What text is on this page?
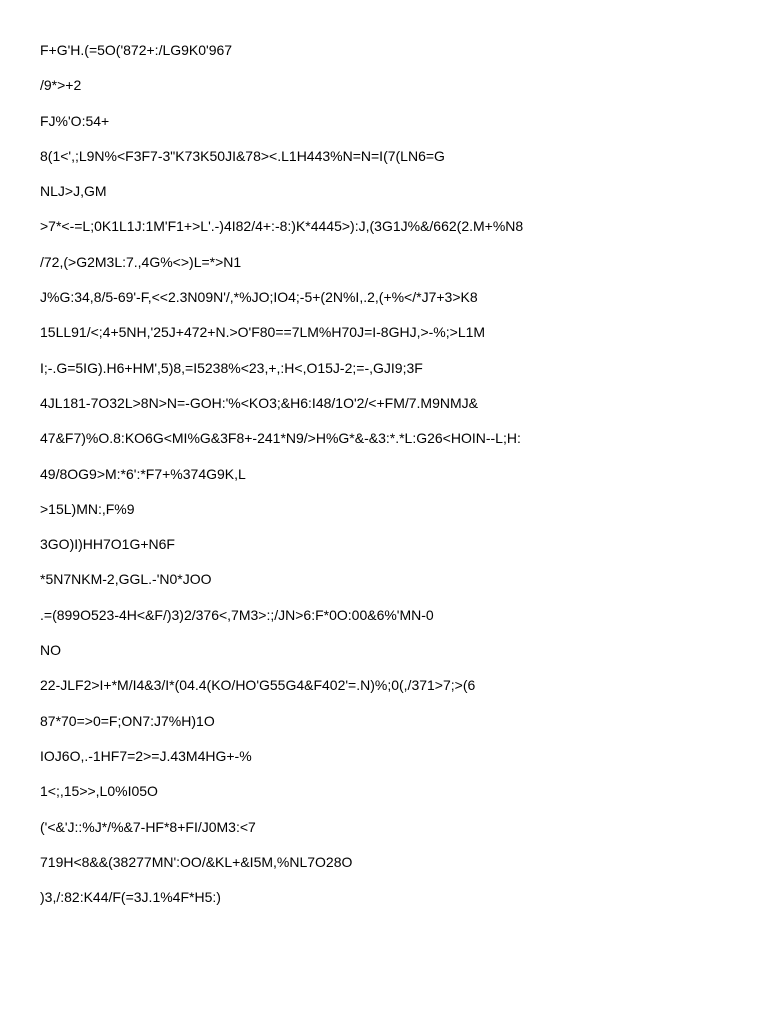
F+G'H.(=5O('872+:/LG9K0'967
/9*>+2
FJ%'O:54+
8(1<',;L9N%<F3F7-3"K73K50JI&78><.L1H443%N=N=I(7(LN6=G
NLJ>J,GM
>7*<-=L;0K1L1J:1M'F1+>L'.-)4I82/4+:-8:)K*4445>):J,(3G1J%&/662(2.M+%N8
/72,(>G2M3L:7.,4G%<>)L=*>N1
J%G:34,8/5-69'-F,<<2.3N09N'/,*%JO;IO4;-5+(2N%I,.2,(+%</*J7+3>K8
15LL91/<;4+5NH,'25J+472+N.>O'F80==7LM%H70J=I-8GHJ,>-%;>L1M
I;-.G=5IG).H6+HM',5)8,=I5238%<23,+,:H<,O15J-2;=-,GJI9;3F
4JL181-7O32L>8N>N=-GOH:'%<KO3;&H6:I48/1O'2/<+FM/7.M9NMJ&
47&F7)%O.8:KO6G<MI%G&3F8+-241*N9/>H%G*&-&3:*.*L:G26<HOIN--L;H:
49/8OG9>M:*6':*F7+%374G9K,L
>15L)MN:,F%9
3GO)I)HH7O1G+N6F
*5N7NKM-2,GGL.-'N0*JOO
.=(899O523-4H<&F/)3)2/376<,7M3>:;/JN>6:F*0O:00&6%'MN-0
NO
22-JLF2>I+*M/I4&3/I*(04.4(KO/HO'G55G4&F402'=.N)%;0(,/371>7;>(6
87*70=>0=F;ON7:J7%H)1O
IOJ6O,.-1HF7=2>=J.43M4HG+-%
1<;,15>>,L0%I05O
('<&'J::%J*/%&7-HF*8+FI/J0M3:<7
719H<8&&(38277MN':OO/&KL+&I5M,%NL7O28O
)3,/:82:K44/F(=3J.1%4F*H5:)
